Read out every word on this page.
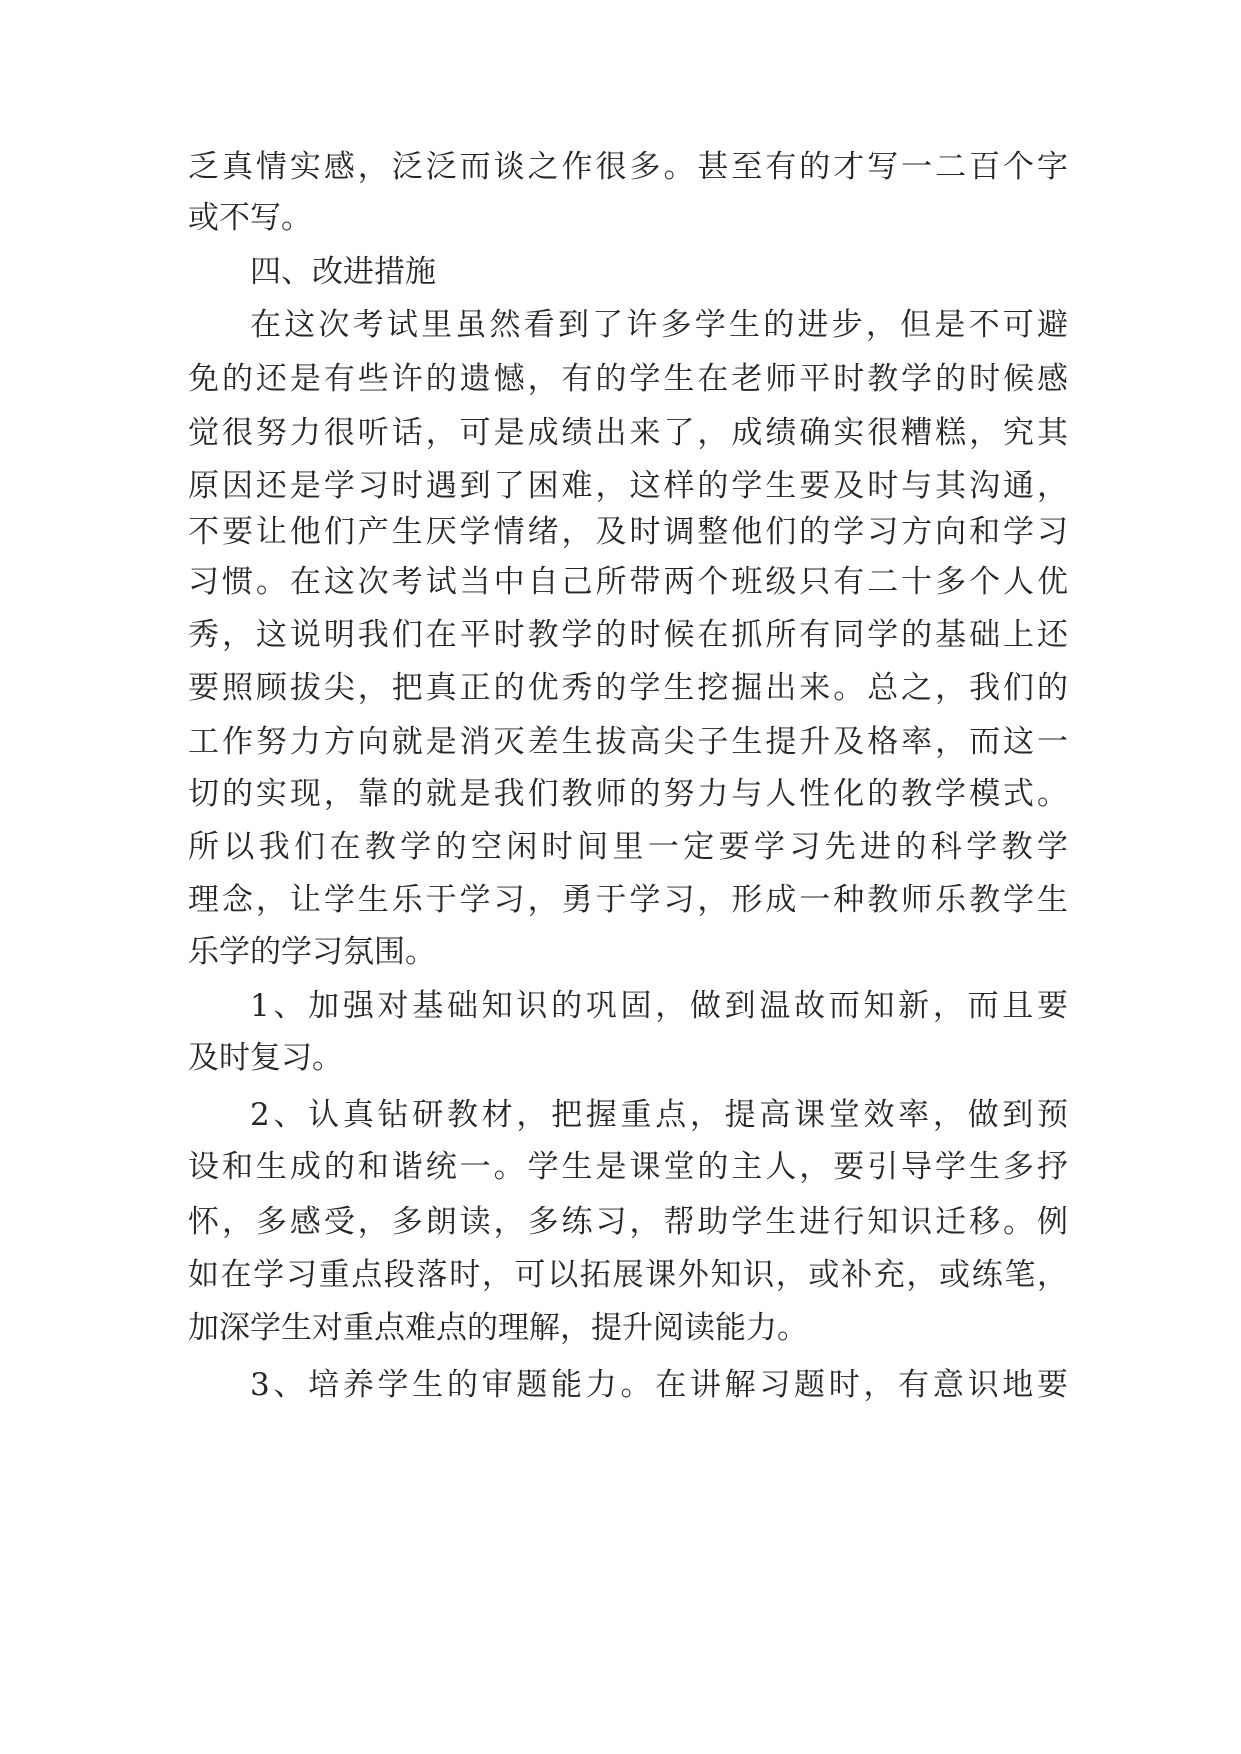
乏真情实感，泛泛而谈之作很多。甚至有的才写一二百个字
或不写。
四、改进措施
在这次考试里虽然看到了许多学生的进步，但是不可避
免的还是有些许的遗憾，有的学生在老师平时教学的时候感
觉很努力很听话，可是成绩出来了，成绩确实很糟糕，究其
原因还是学习时遇到了困难，这样的学生要及时与其沟通，
不要让他们产生厌学情绪，及时调整他们的学习方向和学习
习惯。在这次考试当中自己所带两个班级只有二十多个人优
秀，这说明我们在平时教学的时候在抓所有同学的基础上还
要照顾拔尖，把真正的优秀的学生挖掘出来。总之，我们的
工作努力方向就是消灭差生拔高尖子生提升及格率，而这一
切的实现，靠的就是我们教师的努力与人性化的教学模式。
所以我们在教学的空闲时间里一定要学习先进的科学教学
理念，让学生乐于学习，勇于学习，形成一种教师乐教学生
乐学的学习氛围。
1、加强对基础知识的巩固，做到温故而知新，而且要
及时复习。
2、认真钻研教材，把握重点，提高课堂效率，做到预
设和生成的和谐统一。学生是课堂的主人，要引导学生多抒
怀，多感受，多朗读，多练习，帮助学生进行知识迁移。例
如在学习重点段落时，可以拓展课外知识，或补充，或练笔，
加深学生对重点难点的理解，提升阅读能力。
3、培养学生的审题能力。在讲解习题时，有意识地要
